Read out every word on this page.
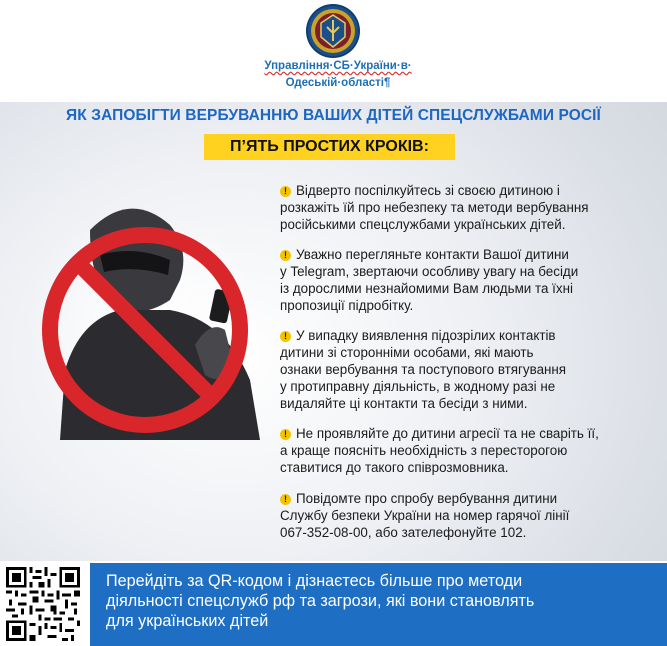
Управління·СБ·України·в·
Одеській·області¶
ЯК ЗАПОБІГТИ ВЕРБУВАННЮ ВАШИХ ДІТЕЙ СПЕЦСЛУЖБАМИ РОСІЇ
П’ЯТЬ ПРОСТИХ КРОКІВ:
! Відверто поспілкуйтесь зі своєю дитиною і
розкажіть їй про небезпеку та методи вербування
російськими спецслужбами українських дітей.
! Уважно перегляньте контакти Вашої дитини
у Telegram, звертаючи особливу увагу на бесіди
із дорослими незнайомими Вам людьми та їхні
пропозиції підробітку.
! У випадку виявлення підозрілих контактів
дитини зі сторонніми особами, які мають
ознаки вербування та поступового втягування
у протиправну діяльність, в жодному разі не
видаляйте ці контакти та бесіди з ними.
! Не проявляйте до дитини агресії та не сваріть її,
а краще поясніть необхідність з пересторогою
ставитися до такого співрозмовника.
! Повідомте про спробу вербування дитини
Службу безпеки України на номер гарячої лінії
067-352-08-00, або зателефонуйте 102.
Перейдіть за QR-кодом і дізнаєтесь більше про методи
діяльності спецслужб рф та загрози, які вони становлять
для українських дітей
